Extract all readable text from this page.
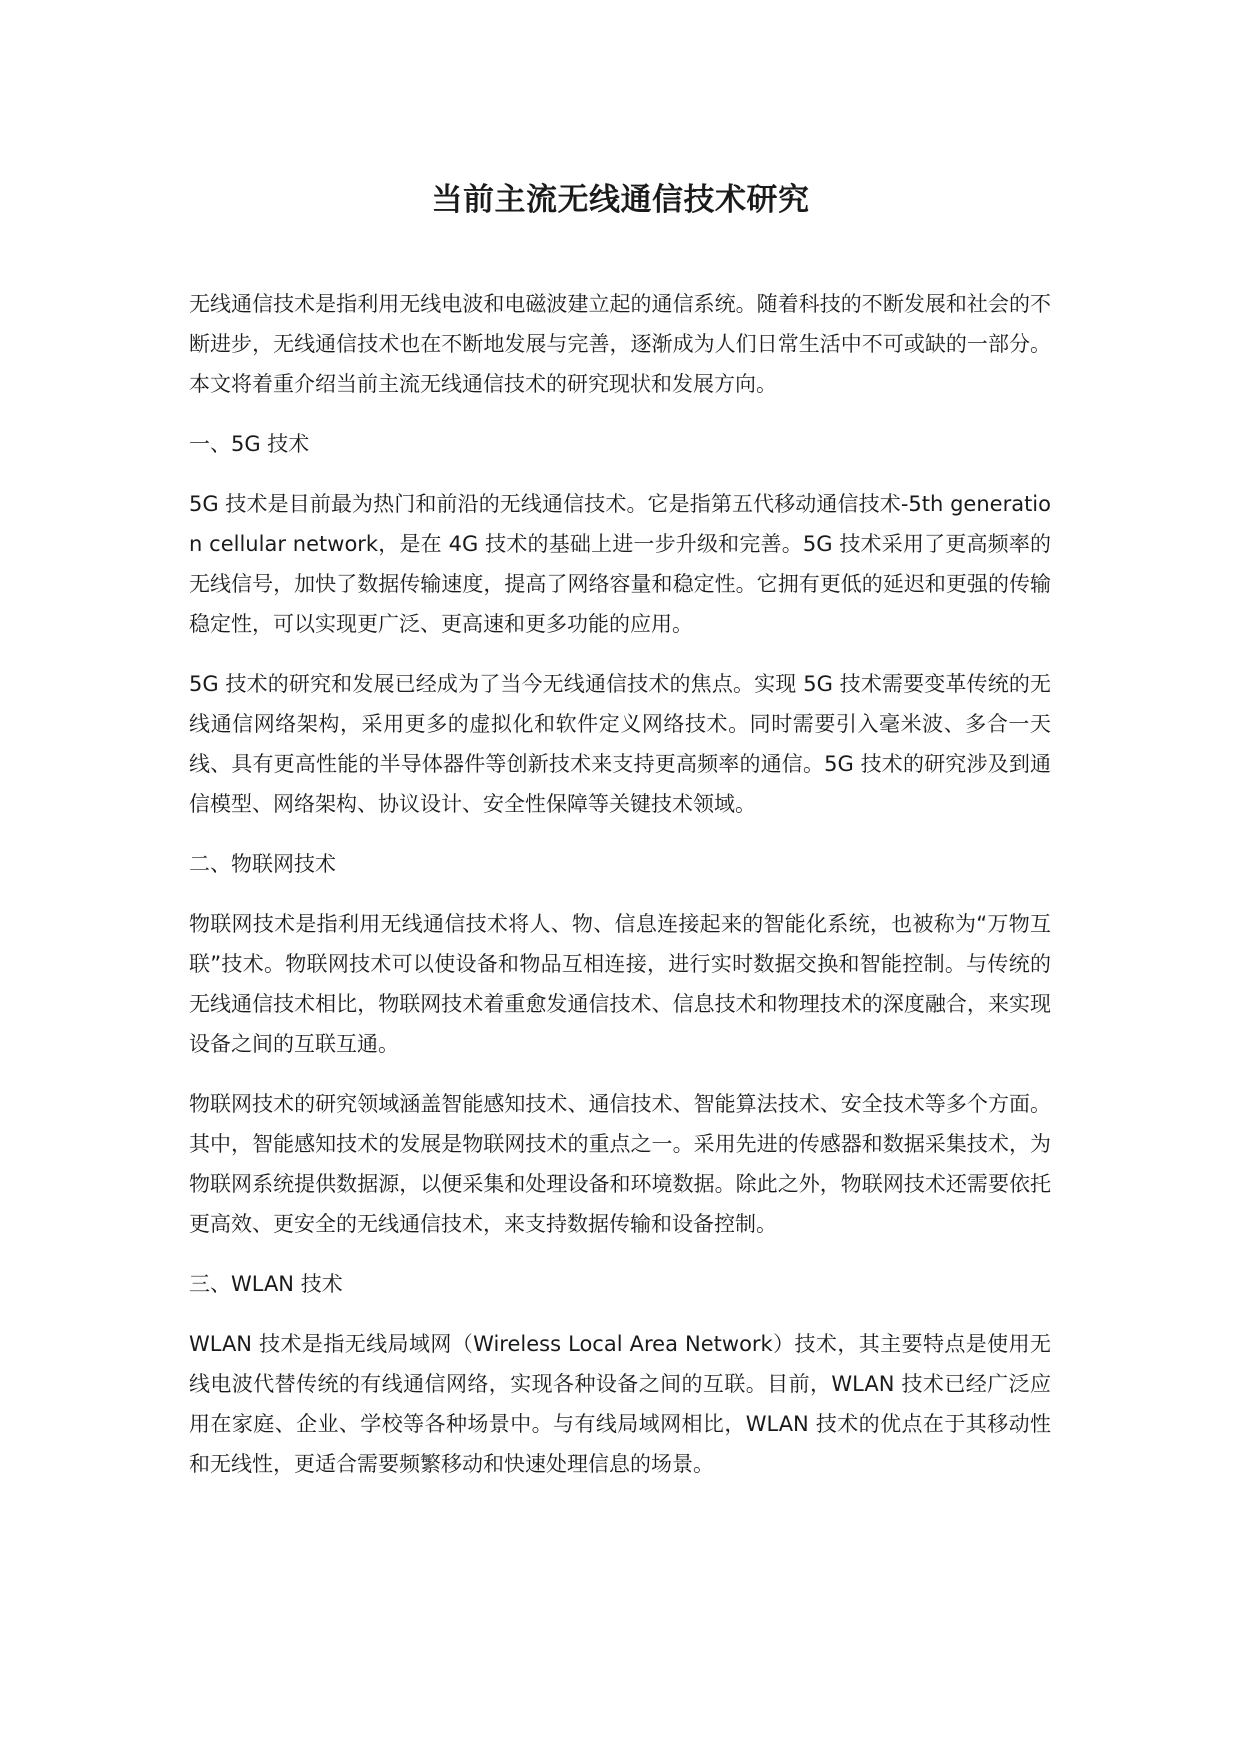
当前主流无线通信技术研究

无线通信技术是指利用无线电波和电磁波建立起的通信系统。随着科技的不断发展和社会的不断进步，无线通信技术也在不断地发展与完善，逐渐成为人们日常生活中不可或缺的一部分。本文将着重介绍当前主流无线通信技术的研究现状和发展方向。

一、5G 技术

5G 技术是目前最为热门和前沿的无线通信技术。它是指第五代移动通信技术-5th generation cellular network，是在 4G 技术的基础上进一步升级和完善。5G 技术采用了更高频率的无线信号，加快了数据传输速度，提高了网络容量和稳定性。它拥有更低的延迟和更强的传输稳定性，可以实现更广泛、更高速和更多功能的应用。

5G 技术的研究和发展已经成为了当今无线通信技术的焦点。实现 5G 技术需要变革传统的无线通信网络架构，采用更多的虚拟化和软件定义网络技术。同时需要引入毫米波、多合一天线、具有更高性能的半导体器件等创新技术来支持更高频率的通信。5G 技术的研究涉及到通信模型、网络架构、协议设计、安全性保障等关键技术领域。

二、物联网技术

物联网技术是指利用无线通信技术将人、物、信息连接起来的智能化系统，也被称为“万物互联”技术。物联网技术可以使设备和物品互相连接，进行实时数据交换和智能控制。与传统的无线通信技术相比，物联网技术着重愈发通信技术、信息技术和物理技术的深度融合，来实现设备之间的互联互通。

物联网技术的研究领域涵盖智能感知技术、通信技术、智能算法技术、安全技术等多个方面。其中，智能感知技术的发展是物联网技术的重点之一。采用先进的传感器和数据采集技术，为物联网系统提供数据源，以便采集和处理设备和环境数据。除此之外，物联网技术还需要依托更高效、更安全的无线通信技术，来支持数据传输和设备控制。

三、WLAN 技术

WLAN 技术是指无线局域网（Wireless Local Area Network）技术，其主要特点是使用无线电波代替传统的有线通信网络，实现各种设备之间的互联。目前，WLAN 技术已经广泛应用在家庭、企业、学校等各种场景中。与有线局域网相比，WLAN 技术的优点在于其移动性和无线性，更适合需要频繁移动和快速处理信息的场景。
